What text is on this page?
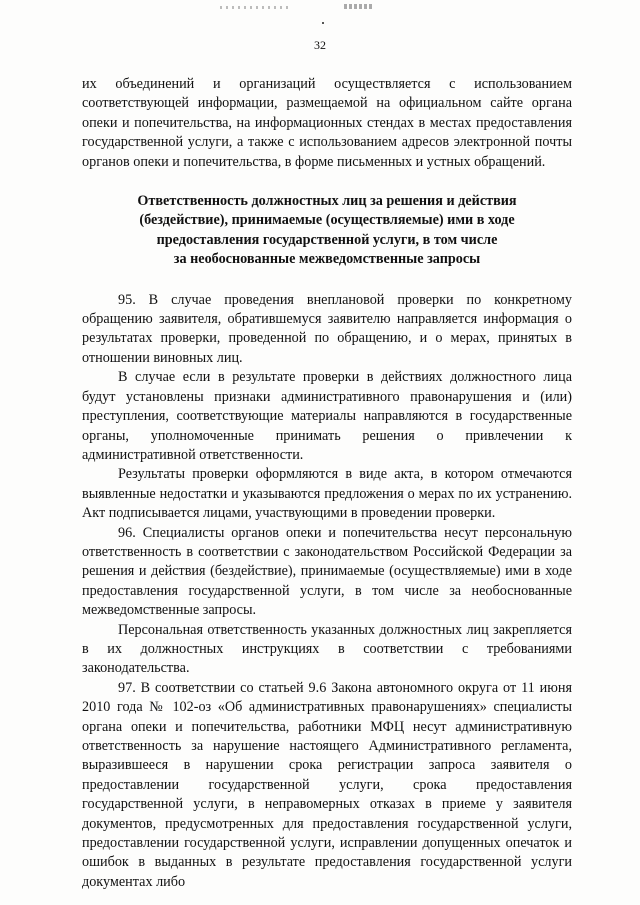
32

их объединений и организаций осуществляется с использованием соответствующей информации, размещаемой на официальном сайте органа опеки и попечительства, на информационных стендах в местах предоставления государственной услуги, а также с использованием адресов электронной почты органов опеки и попечительства, в форме письменных и устных обращений.

Ответственность должностных лиц за решения и действия
(бездействие), принимаемые (осуществляемые) ими в ходе
предоставления государственной услуги, в том числе
за необоснованные межведомственные запросы

95. В случае проведения внеплановой проверки по конкретному обращению заявителя, обратившемуся заявителю направляется информация о результатах проверки, проведенной по обращению, и о мерах, принятых в отношении виновных лиц.

В случае если в результате проверки в действиях должностного лица будут установлены признаки административного правонарушения и (или) преступления, соответствующие материалы направляются в государственные органы, уполномоченные принимать решения о привлечении к административной ответственности.

Результаты проверки оформляются в виде акта, в котором отмечаются выявленные недостатки и указываются предложения о мерах по их устранению. Акт подписывается лицами, участвующими в проведении проверки.

96. Специалисты органов опеки и попечительства несут персональную ответственность в соответствии с законодательством Российской Федерации за решения и действия (бездействие), принимаемые (осуществляемые) ими в ходе предоставления государственной услуги, в том числе за необоснованные межведомственные запросы.

Персональная ответственность указанных должностных лиц закрепляется в их должностных инструкциях в соответствии с требованиями законодательства.

97. В соответствии со статьей 9.6 Закона автономного округа от 11 июня 2010 года № 102-оз «Об административных правонарушениях» специалисты органа опеки и попечительства, работники МФЦ несут административную ответственность за нарушение настоящего Административного регламента, выразившееся в нарушении срока регистрации запроса заявителя о предоставлении государственной услуги, срока предоставления государственной услуги, в неправомерных отказах в приеме у заявителя документов, предусмотренных для предоставления государственной услуги, предоставлении государственной услуги, исправлении допущенных опечаток и ошибок в выданных в результате предоставления государственной услуги документах либо
